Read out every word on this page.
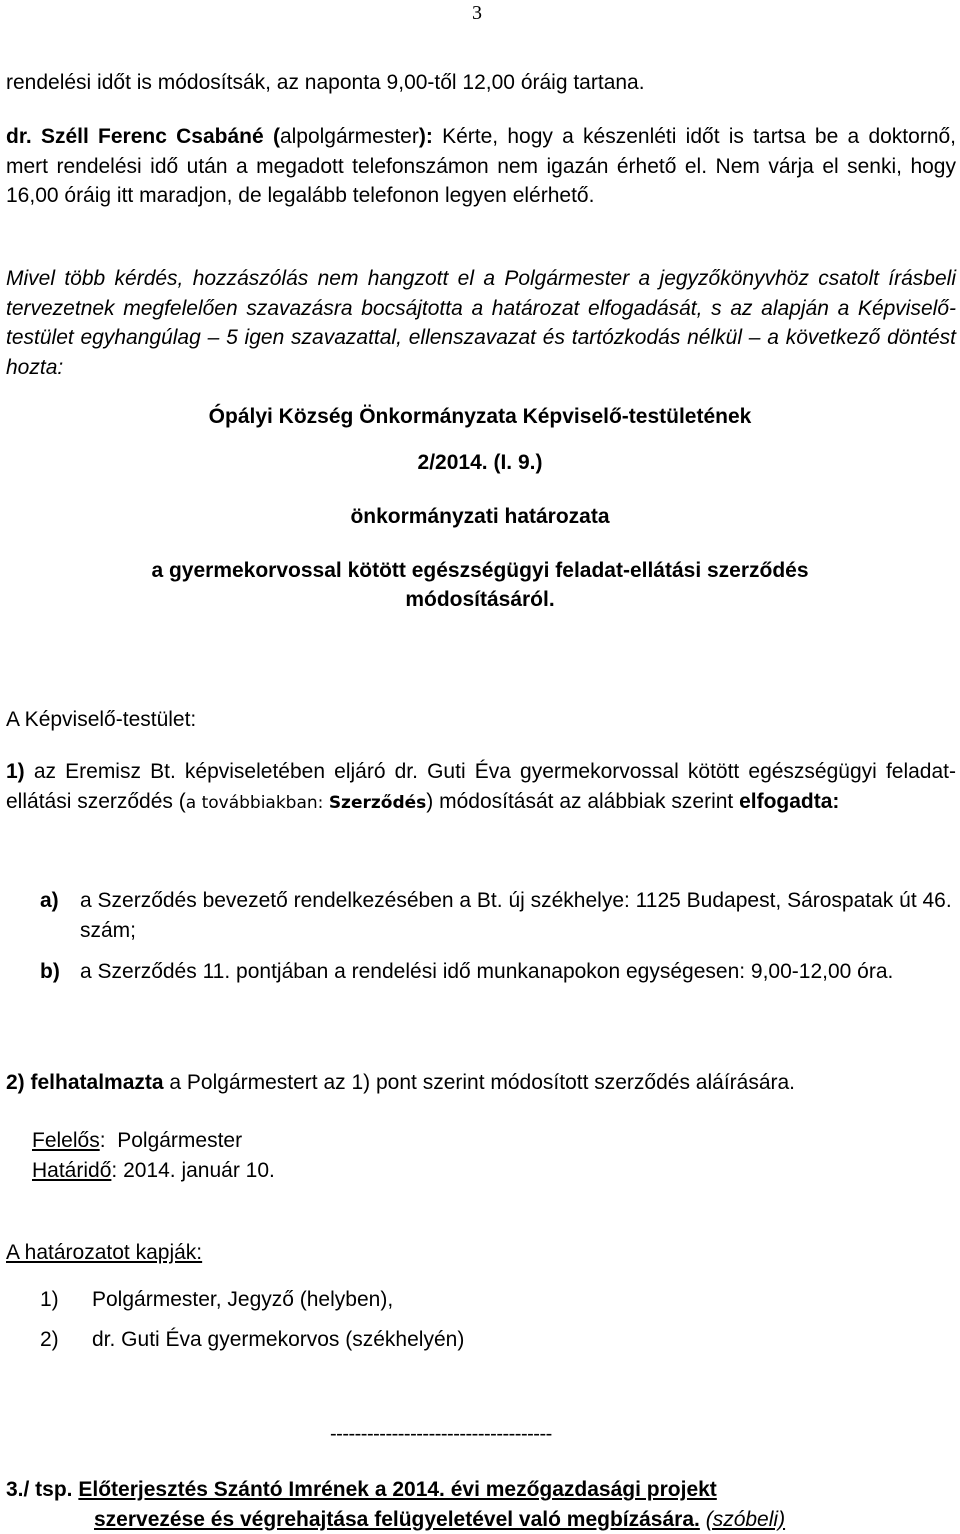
3
rendelési időt is módosítsák, az naponta 9,00-től 12,00 óráig tartana.
dr. Széll Ferenc Csabáné (alpolgármester): Kérte, hogy a készenléti időt is tartsa be a doktornő, mert rendelési idő után a megadott telefonszámon nem igazán érhető el. Nem várja el senki, hogy 16,00 óráig itt maradjon, de legalább telefonon legyen elérhető.
Mivel több kérdés, hozzászólás nem hangzott el a Polgármester a jegyzőkönyvhöz csatolt írásbeli tervezetnek megfelelően szavazásra bocsájtotta a határozat elfogadását, s az alapján a Képviselő-testület egyhangúlag – 5 igen szavazattal, ellenszavazat és tartózkodás nélkül – a következő döntést hozta:
Ópályi Község Önkormányzata Képviselő-testületének
2/2014. (I. 9.)
önkormányzati határozata
a gyermekorvossal kötött egészségügyi feladat-ellátási szerződés
módosításáról.
A Képviselő-testület:
1) az Eremisz Bt. képviseletében eljáró dr. Guti Éva gyermekorvossal kötött egészségügyi feladat-ellátási szerződés (a továbbiakban: Szerződés) módosítását az alábbiak szerint elfogadta:
a) a Szerződés bevezető rendelkezésében a Bt. új székhelye: 1125 Budapest, Sárospatak út 46. szám;
b) a Szerződés 11. pontjában a rendelési idő munkanapokon egységesen: 9,00-12,00 óra.
2) felhatalmazta a Polgármestert az 1) pont szerint módosított szerződés aláírására.
Felelős:  Polgármester
Határidő: 2014. január 10.
A határozatot kapják:
1) Polgármester, Jegyző (helyben),
2) dr. Guti Éva gyermekorvos (székhelyén)
------------------------------------
3./ tsp. Előterjesztés Szántó Imrének a 2014. évi mezőgazdasági projekt
szervezése és végrehajtása felügyeletével való megbízására. (szóbeli)
